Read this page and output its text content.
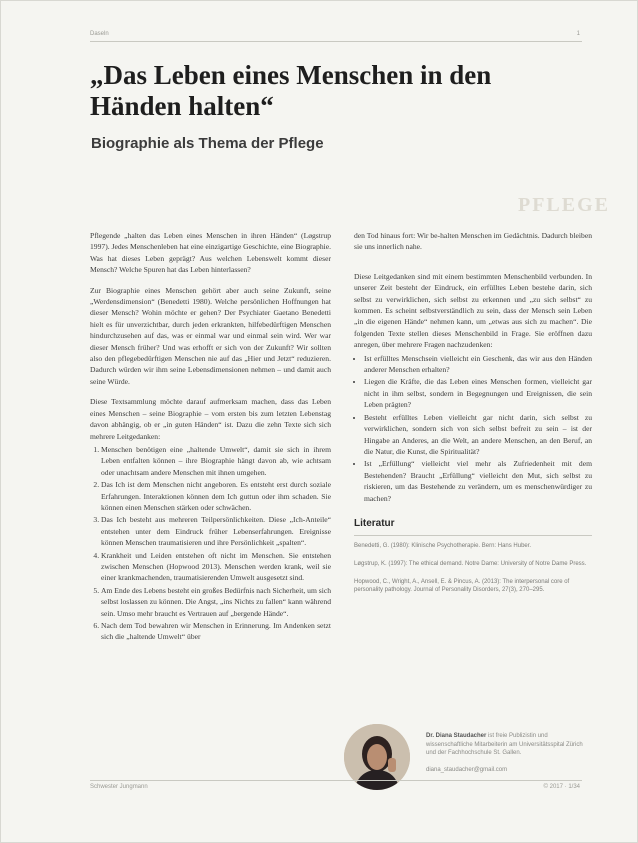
Daseln	1
„Das Leben eines Menschen in den Händen halten“
Biographie als Thema der Pflege
PFLEGE

Pflegende „halten das Leben eines Menschen in ihren Händen“ (Løgstrup 1997). Jedes Menschenleben hat eine einzigartige Geschichte, eine Biographie. Was hat dieses Leben geprägt? Aus welchen Lebenswelt kommt dieser Mensch? Welche Spuren hat das Leben hinterlassen?

Zur Biographie eines Menschen gehört aber auch seine Zukunft, seine „Werdensdimension“ (Benedetti 1980). Welche persönlichen Hoffnungen hat dieser Mensch? Wohin möchte er gehen? Der Psychiater Gaetano Benedetti hielt es für unverzichtbar, durch jeden erkrankten, hilfebedürftigen Menschen hindurchzusehen auf das, was er einmal war und einmal sein wird. Wer war dieser Mensch früher? Und was erhofft er sich von der Zukunft? Wir sollten also den pflegebedürftigen Menschen nie auf das „Hier und Jetzt“ reduzieren. Dadurch würden wir ihm seine Lebensdimensionen nehmen – und damit auch seine Würde.

Diese Textsammlung möchte darauf aufmerksam machen, dass das Leben eines Menschen – seine Biographie – vom ersten bis zum letzten Lebenstag davon abhängig, ob er „in guten Händen“ ist. Dazu die zehn Texte sich sich mehrere Leitgedanken:

1. Menschen benötigen eine „haltende Umwelt“, damit sie sich in ihrem Leben entfalten können – ihre Biographie hängt davon ab, wie achtsam oder unachtsam andere Menschen mit ihnen umgehen.
2. Das Ich ist dem Menschen nicht angeboren. Es entsteht erst durch soziale Erfahrungen. Interaktionen können dem Ich guttun oder ihm schaden. Sie können einen Menschen stärken oder schwächen.
3. Das Ich besteht aus mehreren Teilpersönlichkeiten. Diese „Ich-Anteile“ entstehen unter dem Eindruck früher Lebenserfahrungen. Ereignisse können Menschen traumatisieren und ihre Persönlichkeit „spalten“.
4. Krankheit und Leiden entstehen oft nicht im Menschen. Sie entstehen zwischen Menschen (Hopwood 2013). Menschen werden krank, weil sie einer krankmachenden, traumatisierenden Umwelt ausgesetzt sind.
5. Am Ende des Lebens besteht ein großes Bedürfnis nach Sicherheit, um sich selbst loslassen zu können. Die Angst, „ins Nichts zu fallen“ kann während sein. Umso mehr braucht es Vertrauen auf „bergende Hände“.
6. Nach dem Tod bewahren wir Menschen in Erinnerung. Im Andenken setzt sich die „haltende Umwelt“ über

den Tod hinaus fort: Wir be-halten Menschen im Gedächtnis. Dadurch bleiben sie uns innerlich nahe.

Diese Leitgedanken sind mit einem bestimmten Menschenbild verbunden. In unserer Zeit besteht der Eindruck, ein erfülltes Leben bestehe darin, sich selbst zu verwirklichen, sich selbst zu erkennen und „zu sich selbst“ zu kommen. Es scheint selbstverständlich zu sein, dass der Mensch sein Leben „in die eigenen Hände“ nehmen kann, um „etwas aus sich zu machen“. Die folgenden Texte stellen dieses Menschenbild in Frage. Sie eröffnen dazu anregen, über mehrere Fragen nachzudenken:

• Ist erfülltes Menschsein vielleicht ein Geschenk, das wir aus den Händen anderer Menschen erhalten?
• Liegen die Kräfte, die das Leben eines Menschen formen, vielleicht gar nicht in ihm selbst, sondern in Begegnungen und Ereignissen, die sein Leben prägten?
• Besteht erfülltes Leben vielleicht gar nicht darin, sich selbst zu verwirklichen, sondern sich von sich selbst befreit zu sein – ist der Hingabe an Anderes, an die Welt, an andere Menschen, an den Beruf, an die Natur, die Kunst, die Spiritualität?
• Ist „Erfüllung“ vielleicht viel mehr als Zufriedenheit mit dem Bestehenden? Braucht „Erfüllung“ vielleicht den Mut, sich selbst zu riskieren, um das Bestehende zu verändern, um es menschenwürdiger zu machen?
Literatur

Benedetti, G. (1980): Klinische Psychotherapie. Bern: Hans Huber.

Løgstrup, K. (1997): The ethical demand. Notre Dame: University of Notre Dame Press.

Hopwood, C., Wright, A., Ansell, E. & Pincus, A. (2013): The interpersonal core of personality pathology. Journal of Personality Disorders, 27(3), 270–295.

Dr. Diana Staudacher ist freie Publizistin und wissenschaftliche Mitarbeiterin am Universitätsspital Zürich und der Fachhochschule St. Gallen.
diana_staudacher@gmail.com
Schwester Jungmann	© 2017 · 1/34
